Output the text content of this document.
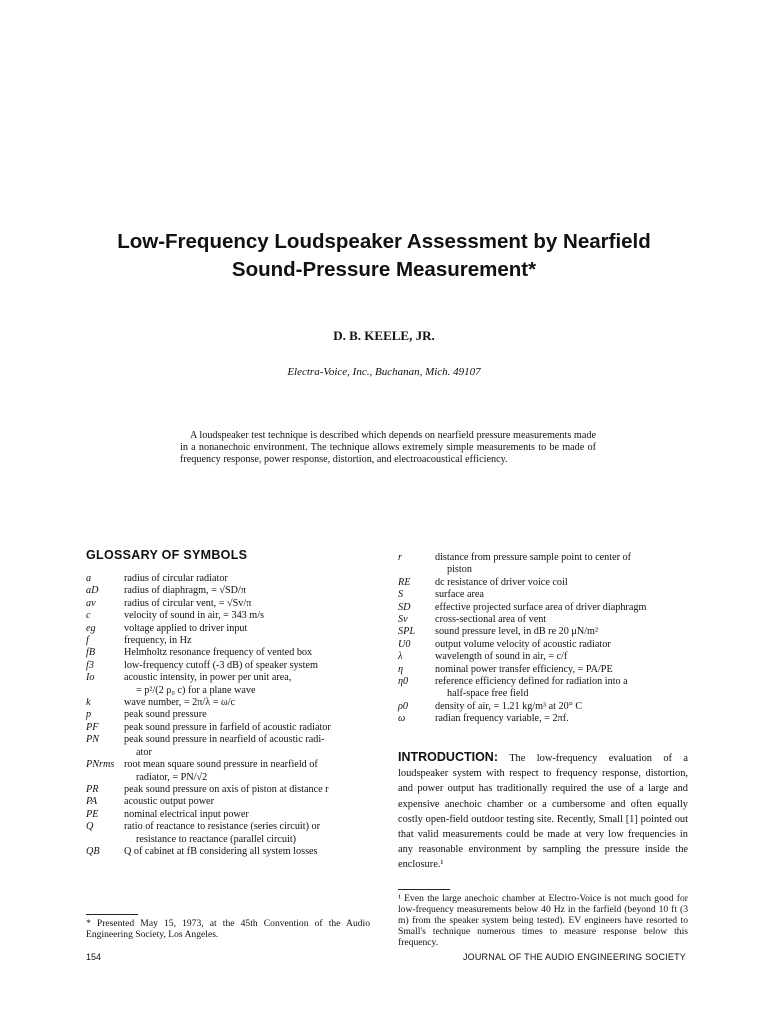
Low-Frequency Loudspeaker Assessment by Nearfield Sound-Pressure Measurement*
D. B. KEELE, JR.
Electra-Voice, Inc., Buchanan, Mich. 49107

A loudspeaker test technique is described which depends on nearfield pressure measurements made in a nonanechoic environment. The technique allows extremely simple measurements to be made of frequency response, power response, distortion, and electroacoustical efficiency.

GLOSSARY OF SYMBOLS
a	radius of circular radiator
aD	radius of diaphragm, = √SD/π
av	radius of circular vent, = √Sv/π
c	velocity of sound in air, = 343 m/s
eg	voltage applied to driver input
f	frequency, in Hz
fB	Helmholtz resonance frequency of vented box
f3	low-frequency cutoff (-3 dB) of speaker system
Io	acoustic intensity, in power per unit area,
= p²/(2 ρ₀ c) for a plane wave
k	wave number, = 2π/λ = ω/c
p	peak sound pressure
PF	peak sound pressure in farfield of acoustic radiator
PN peak sound pressure in nearfield of acoustic radi-
ator
PNrms root mean square sound pressure in nearfield of
radiator, = PN/√2
PR	peak sound pressure on axis of piston at distance r
PA	acoustic output power
PE	nominal electrical input power
Q	ratio of reactance to resistance (series circuit) or
resistance to reactance (parallel circuit)
QB Q of cabinet at fB considering all system losses
r	distance from pressure sample point to center of
piston
RE dc resistance of driver voice coil
S	surface area
SD effective projected surface area of driver diaphragm
Sv	cross-sectional area of vent
SPL sound pressure level, in dB re 20 μN/m²
U0 output volume velocity of acoustic radiator
λ	wavelength of sound in air, = c/f
η	nominal power transfer efficiency, = PA/PE
η0	reference efficiency defined for radiation into a
half-space free field
ρ0	density of air, = 1.21 kg/m³ at 20° C
ω	radian frequency variable, = 2πf.

INTRODUCTION: The low-frequency evaluation of a loudspeaker system with respect to frequency response, distortion, and power output has traditionally required the use of a large and expensive anechoic chamber or a cumbersome and often equally costly open-field outdoor testing site. Recently, Small [1] pointed out that valid measurements could be made at very low frequencies in any reasonable environment by sampling the pressure inside the enclosure.¹

¹ Even the large anechoic chamber at Electro-Voice is not much good for low-frequency measurements below 40 Hz in the farfield (beyond 10 ft (3 m) from the speaker system being tested). EV engineers have resorted to Small's technique numerous times to measure response below this frequency.

* Presented May 15, 1973, at the 45th Convention of the Audio Engineering Society, Los Angeles.

154	JOURNAL OF THE AUDIO ENGINEERING SOCIETY
